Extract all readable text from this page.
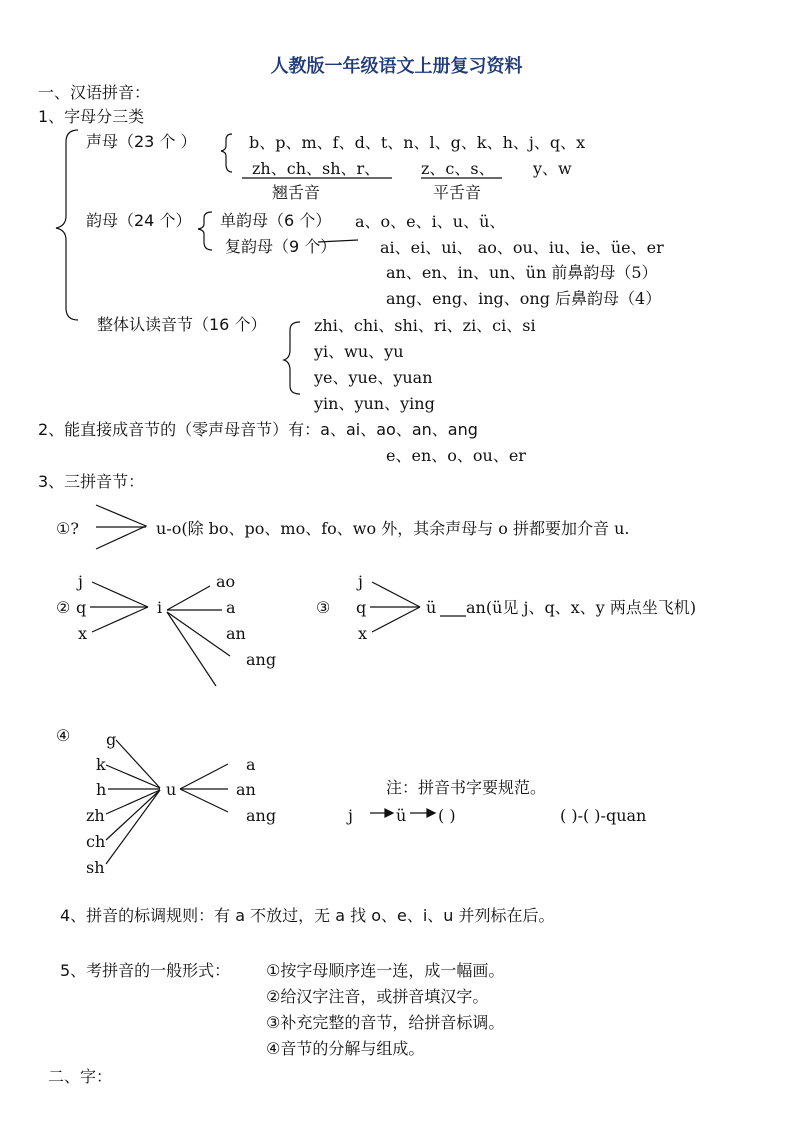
人教版一年级语文上册复习资料
一、汉语拼音：
1、字母分三类
声母（23 个 ）	b、p、m、f、d、t、n、l、g、k、h、j、q、x
zh、ch、sh、r、	z、c、s、 y、w
翘舌音	平舌音
韵母（24 个） 单韵母（6 个） a、o、e、i、u、ü、
复韵母（9 个）	ai、ei、ui、 ao、ou、iu、ie、üe、er
an、en、in、un、ün 前鼻韵母（5）
ang、eng、ing、ong 后鼻韵母（4）
整体认读音节（16 个）	zhi、chi、shi、ri、zi、ci、si
yi、wu、yu
ye、yue、yuan
yin、yun、ying
2、能直接成音节的（零声母音节）有：a、ai、ao、an、ang
e、en、o、ou、er
3、三拼音节：
①?	u-o(除 bo、po、mo、fo、wo 外，其余声母与 o 拼都要加介音 u.
j
② q
x
i
ao
a
an
ang
③
j
q
x
ü an(ü见 j、q、x、y 两点坐飞机)
④ g
k
h
zh
ch
sh
u
a
an
ang
注：拼音书字要规范。
j	ü ( )	( )-( )-quan
4、拼音的标调规则：有 a 不放过，无 a 找 o、e、i、u 并列标在后。
5、考拼音的一般形式： ①按字母顺序连一连，成一幅画。
②给汉字注音，或拼音填汉字。
③补充完整的音节，给拼音标调。
④音节的分解与组成。
二、字：
